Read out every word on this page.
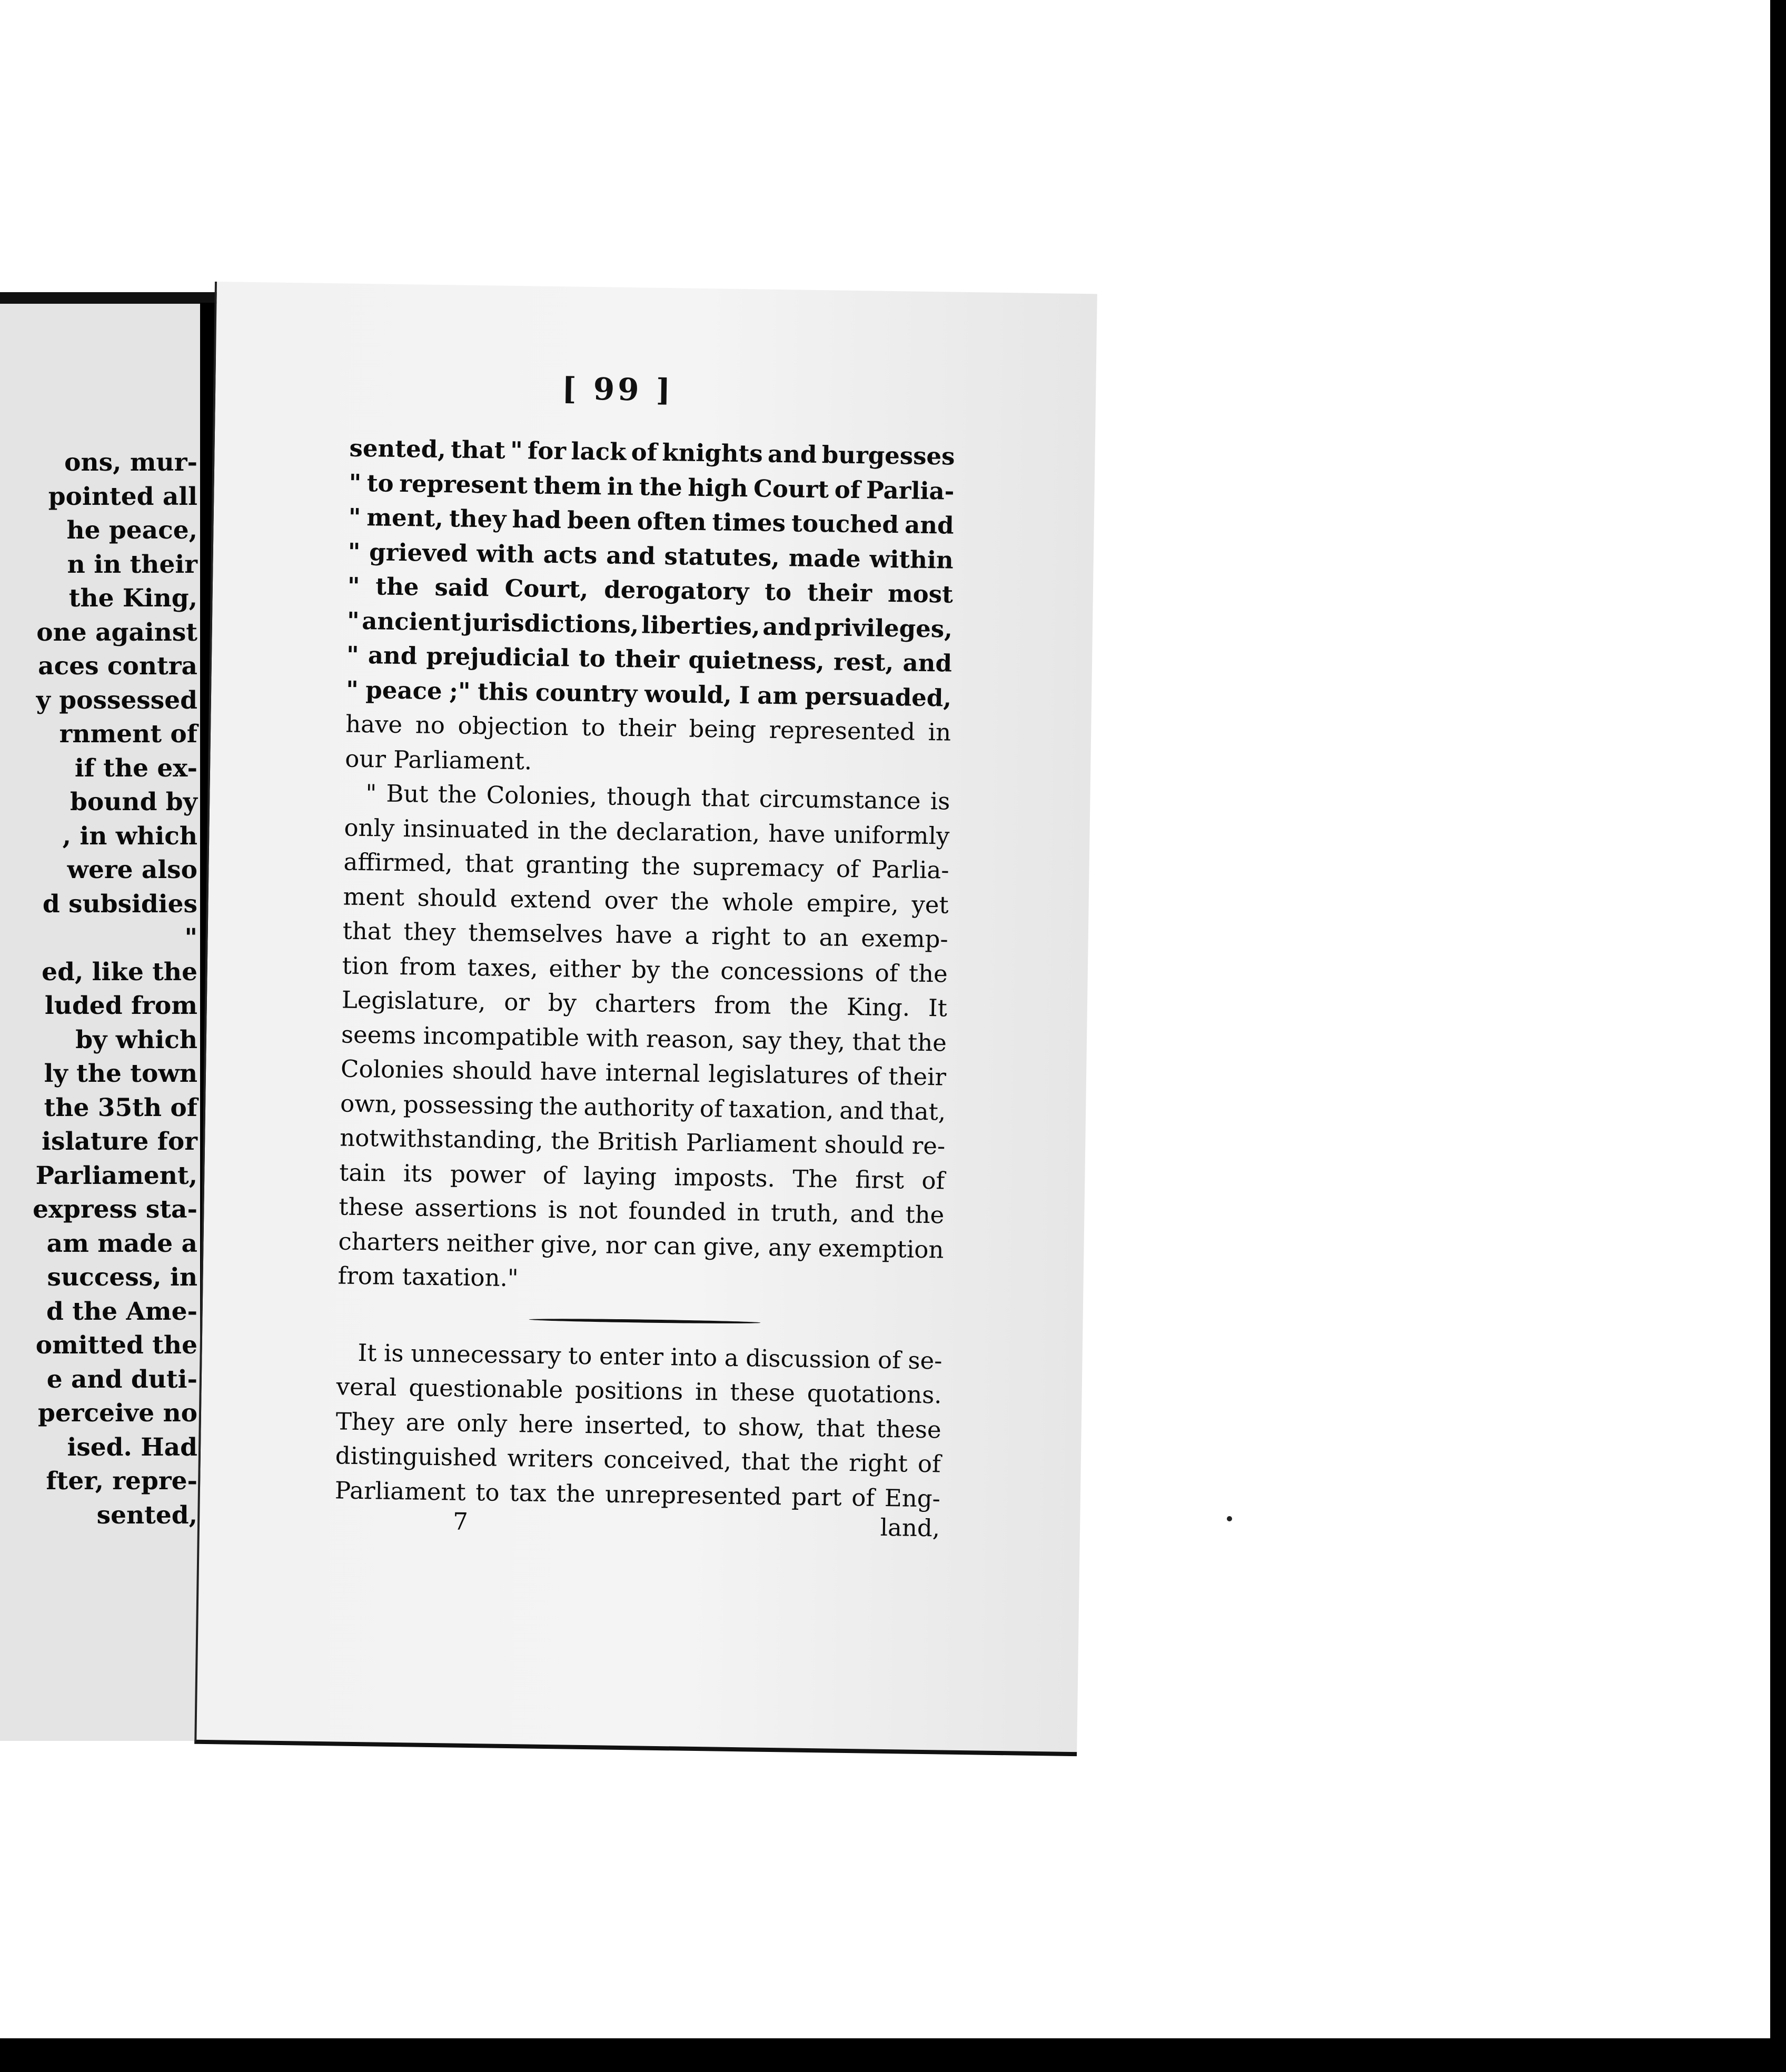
ons, mur-
pointed all
he peace,
n in their
the King,
one against
aces contra
y possessed
rnment of
if the ex-
bound by
, in which
were also
d subsidies
"
ed, like the
luded from
by which
ly the town
the 35th of
islature for
Parliament,
express sta-
am made a
success, in
d the Ame-
omitted the
e and duti-
perceive no
ised. Had
fter, repre-
sented,
[ 99 ]
sented, that " for lack of knights and burgesses
" to represent them in the high Court of Parlia-
" ment, they had been often times touched and
" grieved with acts and statutes, made within
" the said Court, derogatory to their most
" ancient jurisdictions, liberties, and privileges,
" and prejudicial to their quietness, rest, and
" peace ;" this country would, I am persuaded,
have no objection to their being represented in
our Parliament.
" But the Colonies, though that circumstance is
only insinuated in the declaration, have uniformly
affirmed, that granting the supremacy of Parlia-
ment should extend over the whole empire, yet
that they themselves have a right to an exemp-
tion from taxes, either by the concessions of the
Legislature, or by charters from the King. It
seems incompatible with reason, say they, that the
Colonies should have internal legislatures of their
own, possessing the authority of taxation, and that,
notwithstanding, the British Parliament should re-
tain its power of laying imposts. The first of
these assertions is not founded in truth, and the
charters neither give, nor can give, any exemption
from taxation."
It is unnecessary to enter into a discussion of se-
veral questionable positions in these quotations.
They are only here inserted, to show, that these
distinguished writers conceived, that the right of
Parliament to tax the unrepresented part of Eng-
7	land,
